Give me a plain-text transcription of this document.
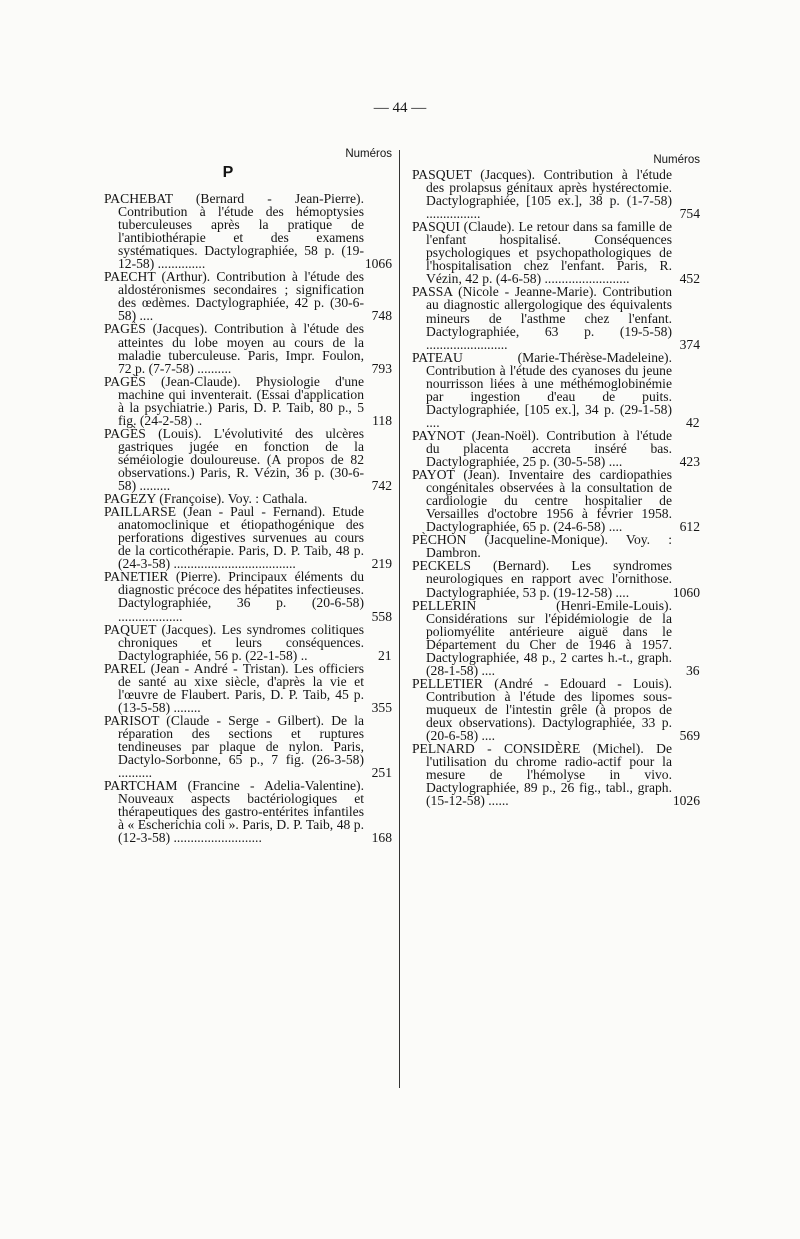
— 44 —
Numéros
P
PACHEBAT (Bernard - Jean-Pierre). Contribution à l'étude des hémoptysies tuberculeuses après la pratique de l'antibiothérapie et des examens systématiques. Dactylographiée, 58 p. (19-12-58) ..............	1066
PAECHT (Arthur). Contribution à l'étude des aldostéronismes secondaires ; signification des œdèmes. Dactylographiée, 42 p. (30-6-58) ....	748
PAGÈS (Jacques). Contribution à l'étude des atteintes du lobe moyen au cours de la maladie tuberculeuse. Paris, Impr. Foulon, 72 p. (7-7-58) ..........	793
PAGÈS (Jean-Claude). Physiologie d'une machine qui inventerait. (Essai d'application à la psychiatrie.) Paris, D. P. Taib, 80 p., 5 fig. (24-2-58) ..	118
PAGÈS (Louis). L'évolutivité des ulcères gastriques jugée en fonction de la séméiologie douloureuse. (A propos de 82 observations.) Paris, R. Vézin, 36 p. (30-6-58) .........	742
PAGEZY (Françoise). Voy. : Cathala.
PAILLARSE (Jean - Paul - Fernand). Etude anatomoclinique et étiopathogénique des perforations digestives survenues au cours de la corticothérapie. Paris, D. P. Taib, 48 p. (24-3-58) ....................................	219
PANETIER (Pierre). Principaux éléments du diagnostic précoce des hépatites infectieuses. Dactylographiée, 36 p. (20-6-58) ...................	558
PAQUET (Jacques). Les syndromes colitiques chroniques et leurs conséquences. Dactylographiée, 56 p. (22-1-58) ..	21
PAREL (Jean - André - Tristan). Les officiers de santé au xixe siècle, d'après la vie et l'œuvre de Flaubert. Paris, D. P. Taib, 45 p. (13-5-58) ........	355
PARISOT (Claude - Serge - Gilbert). De la réparation des sections et ruptures tendineuses par plaque de nylon. Paris, Dactylo-Sorbonne, 65 p., 7 fig. (26-3-58) ..........	251
PARTCHAM (Francine - Adelia-Valentine). Nouveaux aspects bactériologiques et thérapeutiques des gastro-entérites infantiles à « Escherichia coli ». Paris, D. P. Taib, 48 p. (12-3-58) ..........................	168
Numéros
PASQUET (Jacques). Contribution à l'étude des prolapsus génitaux après hystérectomie. Dactylographiée, [105 ex.], 38 p. (1-7-58) ................	754
PASQUI (Claude). Le retour dans sa famille de l'enfant hospitalisé. Conséquences psychologiques et psychopathologiques de l'hospitalisation chez l'enfant. Paris, R. Vézin, 42 p. (4-6-58) .........................	452
PASSA (Nicole - Jeanne-Marie). Contribution au diagnostic allergologique des équivalents mineurs de l'asthme chez l'enfant. Dactylographiée, 63 p. (19-5-58) ........................	374
PATEAU (Marie-Thérèse-Madeleine). Contribution à l'étude des cyanoses du jeune nourrisson liées à une méthémoglobinémie par ingestion d'eau de puits. Dactylographiée, [105 ex.], 34 p. (29-1-58) ....	42
PAYNOT (Jean-Noël). Contribution à l'étude du placenta accreta inséré bas. Dactylographiée, 25 p. (30-5-58) ....	423
PAYOT (Jean). Inventaire des cardiopathies congénitales observées à la consultation de cardiologie du centre hospitalier de Versailles d'octobre 1956 à février 1958. Dactylographiée, 65 p. (24-6-58) ....	612
PÈCHON (Jacqueline-Monique). Voy. : Dambron.
PECKELS (Bernard). Les syndromes neurologiques en rapport avec l'ornithose. Dactylographiée, 53 p. (19-12-58) ....	1060
PELLERIN (Henri-Emile-Louis). Considérations sur l'épidémiologie de la poliomyélite antérieure aiguë dans le Département du Cher de 1946 à 1957. Dactylographiée, 48 p., 2 cartes h.-t., graph. (28-1-58) ....	36
PELLETIER (André - Edouard - Louis). Contribution à l'étude des lipomes sous-muqueux de l'intestin grêle (à propos de deux observations). Dactylographiée, 33 p. (20-6-58) ....	569
PELNARD - CONSIDÈRE (Michel). De l'utilisation du chrome radio-actif pour la mesure de l'hémolyse in vivo. Dactylographiée, 89 p., 26 fig., tabl., graph. (15-12-58) ......	1026
